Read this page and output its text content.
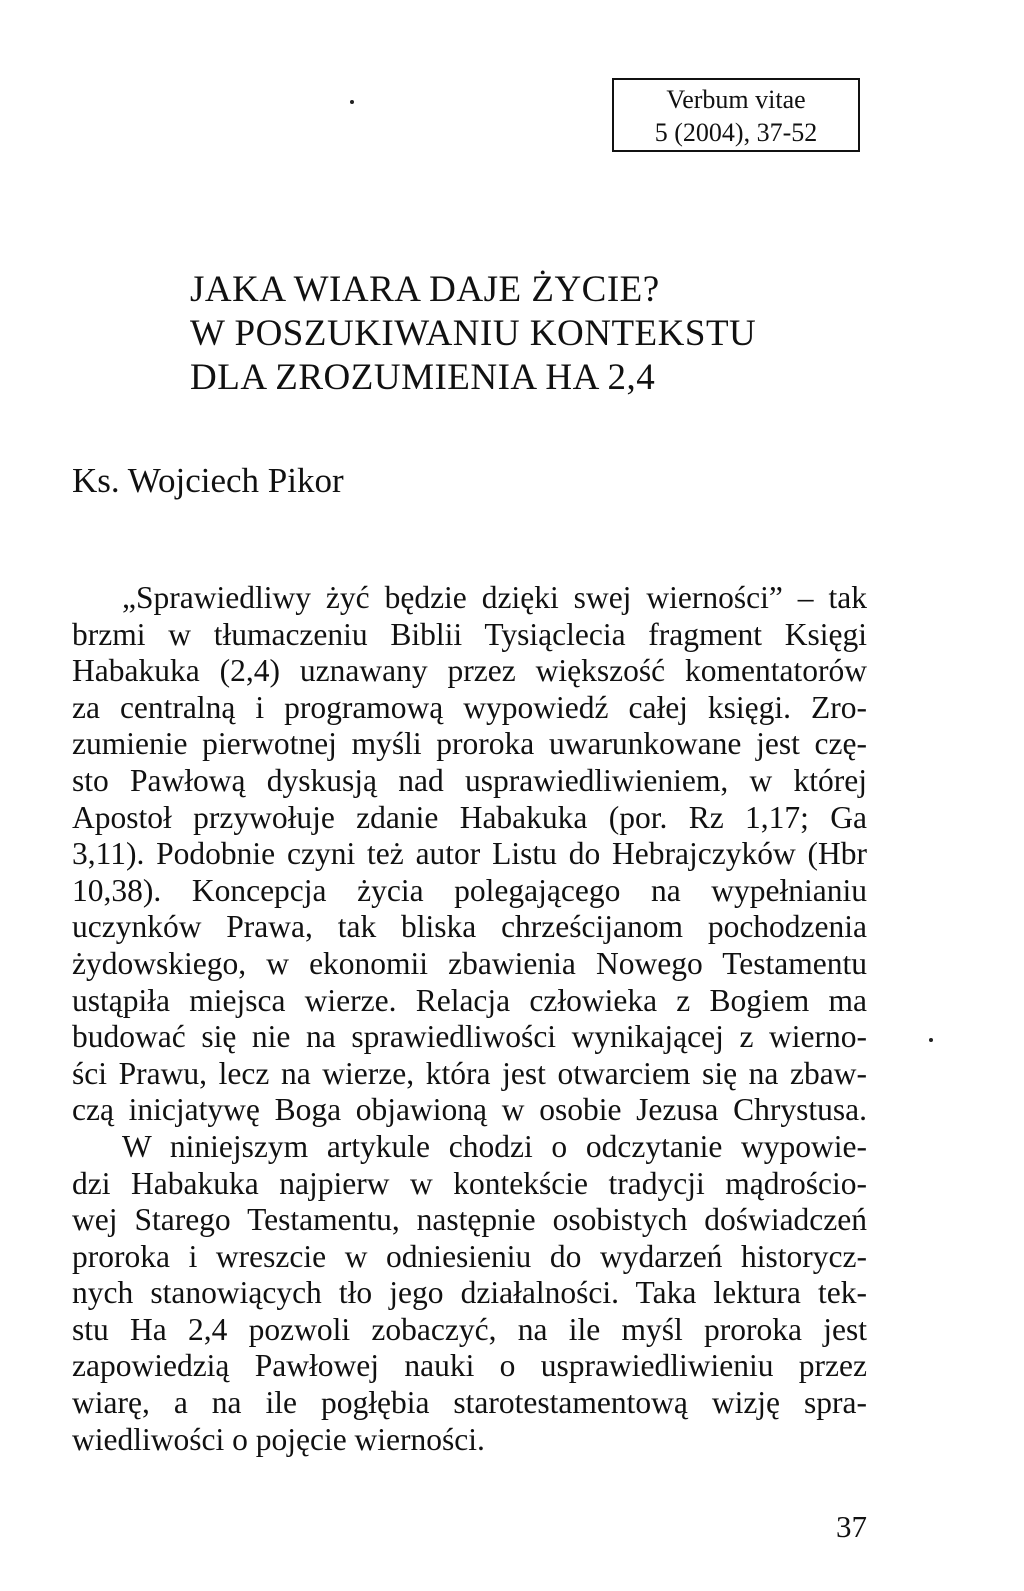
Verbum vitae
5 (2004), 37-52
JAKA WIARA DAJE ŻYCIE?
W POSZUKIWANIU KONTEKSTU
DLA ZROZUMIENIA HA 2,4
Ks. Wojciech Pikor
„Sprawiedliwy żyć będzie dzięki swej wierności” – tak
brzmi w tłumaczeniu Biblii Tysiąclecia fragment Księgi
Habakuka (2,4) uznawany przez większość komentatorów
za centralną i programową wypowiedź całej księgi. Zro-
zumienie pierwotnej myśli proroka uwarunkowane jest czę-
sto Pawłową dyskusją nad usprawiedliwieniem, w której
Apostoł przywołuje zdanie Habakuka (por. Rz 1,17; Ga
3,11). Podobnie czyni też autor Listu do Hebrajczyków (Hbr
10,38). Koncepcja życia polegającego na wypełnianiu
uczynków Prawa, tak bliska chrześcijanom pochodzenia
żydowskiego, w ekonomii zbawienia Nowego Testamentu
ustąpiła miejsca wierze. Relacja człowieka z Bogiem ma
budować się nie na sprawiedliwości wynikającej z wierno-
ści Prawu, lecz na wierze, która jest otwarciem się na zbaw-
czą inicjatywę Boga objawioną w osobie Jezusa Chrystusa.
W niniejszym artykule chodzi o odczytanie wypowie-
dzi Habakuka najpierw w kontekście tradycji mądrościo-
wej Starego Testamentu, następnie osobistych doświadczeń
proroka i wreszcie w odniesieniu do wydarzeń historycz-
nych stanowiących tło jego działalności. Taka lektura tek-
stu Ha 2,4 pozwoli zobaczyć, na ile myśl proroka jest
zapowiedzią Pawłowej nauki o usprawiedliwieniu przez
wiarę, a na ile pogłębia starotestamentową wizję spra-
wiedliwości o pojęcie wierności.
37
